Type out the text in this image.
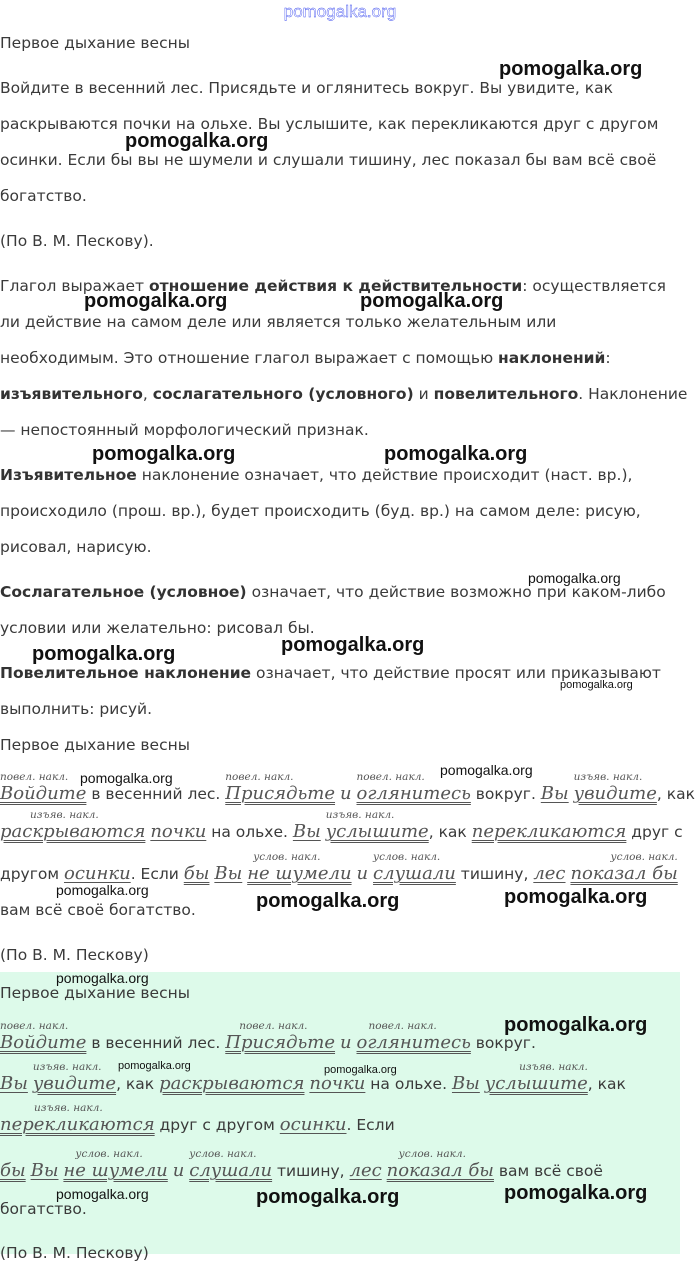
pomogalka.org

Первое дыхание весны

Войдите в весенний лес. Присядьте и оглянитесь вокруг. Вы увидите, как

раскрываются почки на ольхе. Вы услышите, как перекликаются друг с другом

осинки. Если бы вы не шумели и слушали тишину, лес показал бы вам всё своё

богатство.

(По В. М. Пескову).

Глагол выражает отношение действия к действительности: осуществляется

ли действие на самом деле или является только желательным или

необходимым. Это отношение глагол выражает с помощью наклонений:

изъявительного, сослагательного (условного) и повелительного. Наклонение

— непостоянный морфологический признак.

Изъявительное наклонение означает, что действие происходит (наст. вр.),

происходило (прош. вр.), будет происходить (буд. вр.) на самом деле: рисую,

рисовал, нарисую.

Сослагательное (условное) означает, что действие возможно при каком-либо

условии или желательно: рисовал бы.

Повелительное наклонение означает, что действие просят или приказывают

выполнить: рисуй.

Первое дыхание весны

повел. накл.
Войдите в весенний лес.
повел. накл.
Присядьте и
повел. накл.
оглянитесь вокруг. Вы
изъяв. накл.
увидите, как

изъяв. накл.
раскрываются почки на ольхе. Вы
изъяв. накл.
услышите, как перекликаются друг с

другом осинки. Если бы Вы
услов. накл.
не шумели и
услов. накл.
слушали тишину, лес
услов. накл.
показал бы

вам всё своё богатство.

(По В. М. Пескову)

Первое дыхание весны

повел. накл.
Войдите в весенний лес.
повел. накл.
Присядьте и
повел. накл.
оглянитесь вокруг.

Вы
изъяв. накл.
увидите, как раскрываются почки на ольхе. Вы
изъяв. накл.
услышите, как

изъяв. накл.
перекликаются друг с другом осинки. Если

бы Вы
услов. накл.
не шумели и
услов. накл.
слушали тишину, лес
услов. накл.
показал бы вам всё своё

богатство.

(По В. М. Пескову)

pomogalka.org
pomogalka.org
pomogalka.org	pomogalka.org
pomogalka.org	pomogalka.org
pomogalka.org
pomogalka.org
pomogalka.org
pomogalka.org
pomogalka.org	pomogalka.org
pomogalka.org	pomogalka.org	pomogalka.org
pomogalka.org
pomogalka.org
pomogalka.org	pomogalka.org
pomogalka.org	pomogalka.org	pomogalka.org
